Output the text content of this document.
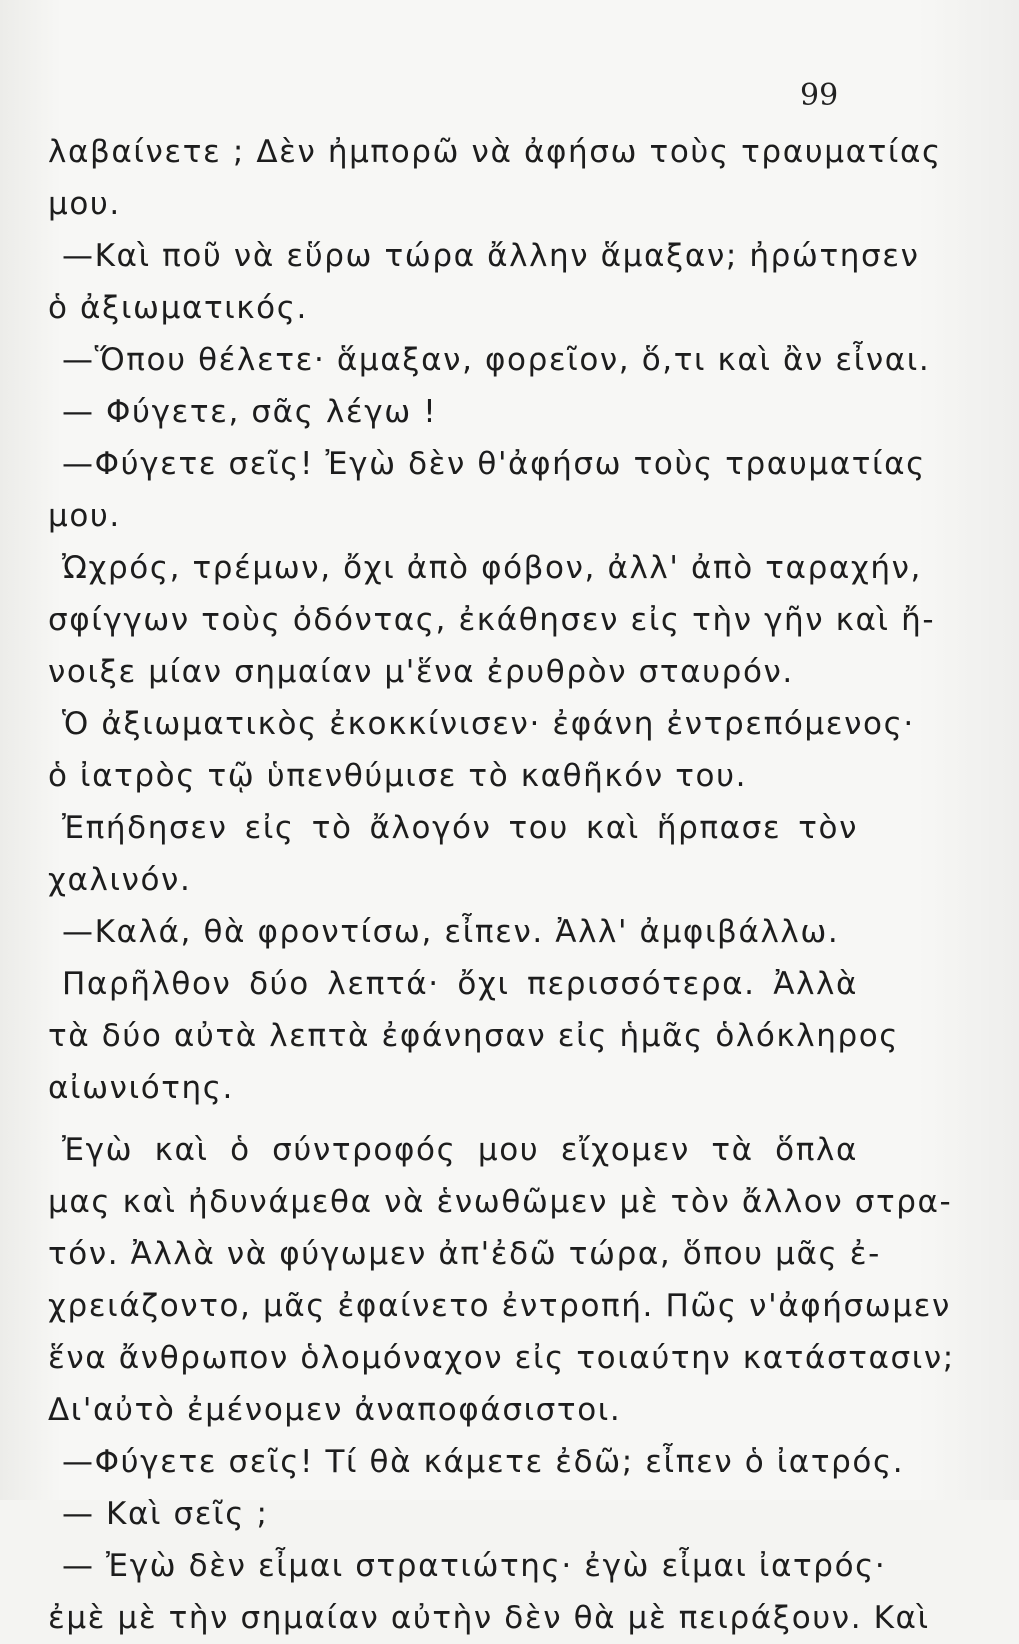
99
λαβαίνετε ; Δὲν ἠμπορῶ νὰ ἀφήσω τοὺς τραυματίας
μου.
—Καὶ ποῦ νὰ εὕρω τώρα ἄλλην ἅμαξαν; ἠρώτησεν
ὁ ἀξιωματικός.
—Ὅπου θέλετε· ἅμαξαν, φορεῖον, ὅ,τι καὶ ἂν εἶναι.
— Φύγετε, σᾶς λέγω !
—Φύγετε σεῖς! Ἐγὼ δὲν θ'ἀφήσω τοὺς τραυματίας
μου.
Ὠχρός, τρέμων, ὄχι ἀπὸ φόβον, ἀλλ' ἀπὸ ταραχήν,
σφίγγων τοὺς ὀδόντας, ἐκάθησεν εἰς τὴν γῆν καὶ ἤ-
νοιξε μίαν σημαίαν μ'ἕνα ἐρυθρὸν σταυρόν.
Ὁ ἀξιωματικὸς ἐκοκκίνισεν· ἐφάνη ἐντρεπόμενος·
ὁ ἰατρὸς τῷ ὑπενθύμισε τὸ καθῆκόν του.
Ἐπήδησεν εἰς τὸ ἄλογόν του καὶ ἥρπασε τὸν
χαλινόν.
—Καλά, θὰ φροντίσω, εἶπεν. Ἀλλ' ἀμφιβάλλω.
Παρῆλθον δύο λεπτά· ὄχι περισσότερα. Ἀλλὰ
τὰ δύο αὐτὰ λεπτὰ ἐφάνησαν εἰς ἡμᾶς ὁλόκληρος
αἰωνιότης.
Ἐγὼ καὶ ὁ σύντροφός μου εἴχομεν τὰ ὅπλα
μας καὶ ἠδυνάμεθα νὰ ἑνωθῶμεν μὲ τὸν ἄλλον στρα-
τόν. Ἀλλὰ νὰ φύγωμεν ἀπ'ἐδῶ τώρα, ὅπου μᾶς ἐ-
χρειάζοντο, μᾶς ἐφαίνετο ἐντροπή. Πῶς ν'ἀφήσωμεν
ἕνα ἄνθρωπον ὁλομόναχον εἰς τοιαύτην κατάστασιν;
Δι'αὐτὸ ἐμένομεν ἀναποφάσιστοι.
—Φύγετε σεῖς! Τί θὰ κάμετε ἐδῶ; εἶπεν ὁ ἰατρός.
— Καὶ σεῖς ;
— Ἐγὼ δὲν εἶμαι στρατιώτης· ἐγὼ εἶμαι ἰατρός·
ἐμὲ μὲ τὴν σημαίαν αὐτὴν δὲν θὰ μὲ πειράξουν. Καὶ
